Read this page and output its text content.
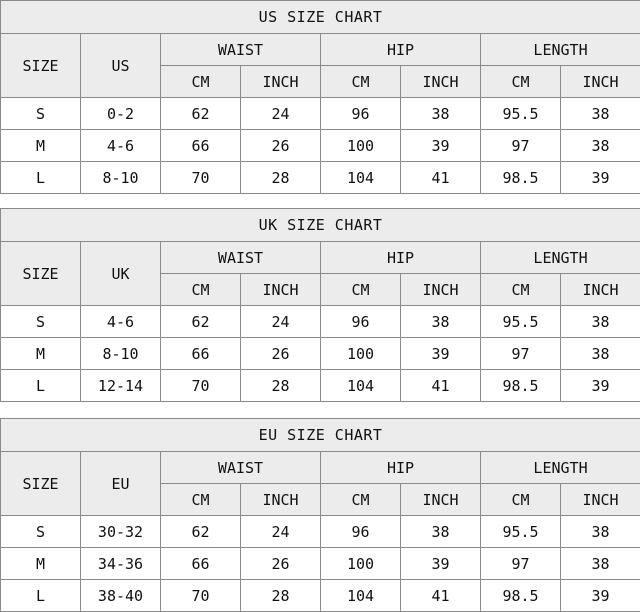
US SIZE CHART							
SIZE	US	WAIST		HIP		LENGTH	
		CM	INCH	CM	INCH	CM	INCH
S	0-2	62	24	96	38	95.5	38
M	4-6	66	26	100	39	97	38
L	8-10	70	28	104	41	98.5	39
UK SIZE CHART							
SIZE	UK	WAIST		HIP		LENGTH	
		CM	INCH	CM	INCH	CM	INCH
S	4-6	62	24	96	38	95.5	38
M	8-10	66	26	100	39	97	38
L	12-14	70	28	104	41	98.5	39
EU SIZE CHART							
SIZE	EU	WAIST		HIP		LENGTH	
		CM	INCH	CM	INCH	CM	INCH
S	30-32	62	24	96	38	95.5	38
M	34-36	66	26	100	39	97	38
L	38-40	70	28	104	41	98.5	39
